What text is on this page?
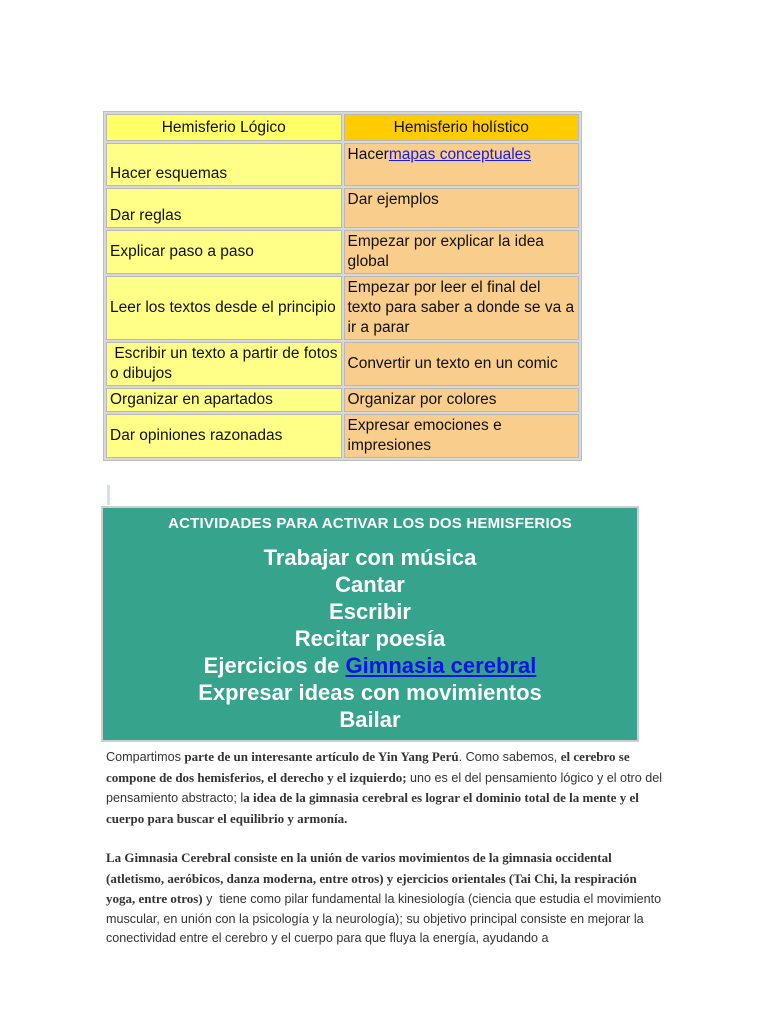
Hemisferio Lógico	Hemisferio holístico
Hacer esquemas	Hacermapas conceptuales
Dar reglas	Dar ejemplos
Explicar paso a paso	Empezar por explicar la idea global
Leer los textos desde el principio	Empezar por leer el final del texto para saber a donde se va a ir a parar
Escribir un texto a partir de fotos o dibujos	Convertir un texto en un comic
Organizar en apartados	Organizar por colores
Dar opiniones razonadas	Expresar emociones e impresiones
ACTIVIDADES PARA ACTIVAR LOS DOS HEMISFERIOS
Trabajar con música
Cantar
Escribir
Recitar poesía
Ejercicios de Gimnasia cerebral
Expresar ideas con movimientos
Bailar

Compartimos parte de un interesante artículo de Yin Yang Perú. Como sabemos, el cerebro se compone de dos hemisferios, el derecho y el izquierdo; uno es el del pensamiento lógico y el otro del pensamiento abstracto; la idea de la gimnasia cerebral es lograr el dominio total de la mente y el cuerpo para buscar el equilibrio y armonía.

La Gimnasia Cerebral consiste en la unión de varios movimientos de la gimnasia occidental (atletismo, aeróbicos, danza moderna, entre otros) y ejercicios orientales (Tai Chi, la respiración yoga, entre otros) y  tiene como pilar fundamental la kinesiología (ciencia que estudia el movimiento muscular, en unión con la psicología y la neurología); su objetivo principal consiste en mejorar la conectividad entre el cerebro y el cuerpo para que fluya la energía, ayudando a
